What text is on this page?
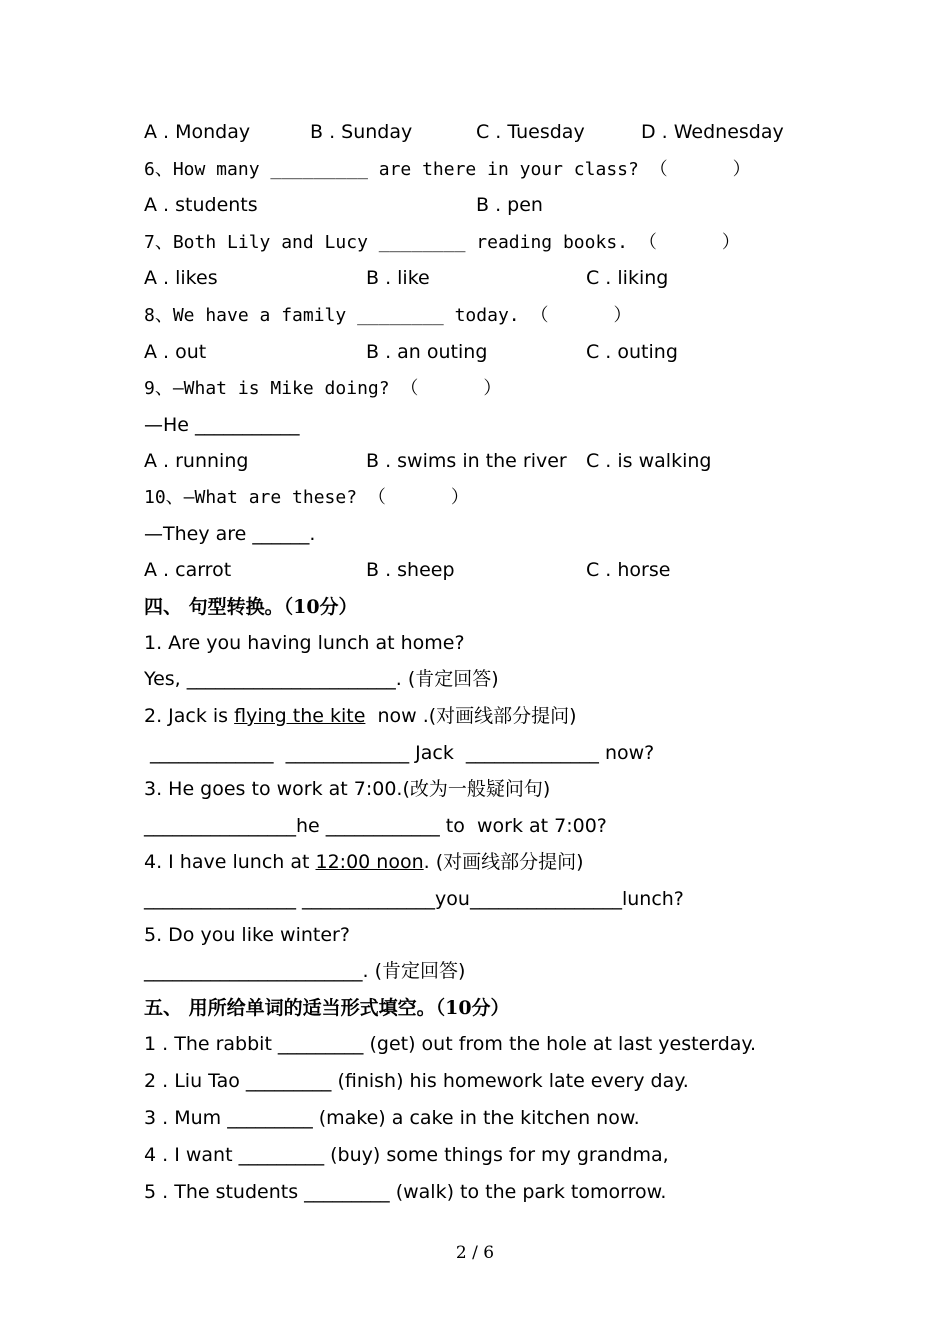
A . Monday	B . Sunday	C . Tuesday	D . Wednesday
6、How many _________ are there in your class? （      ）
A . students	B . pen
7、Both Lily and Lucy ________ reading books. （      ）
A . likes	B . like	C . liking
8、We have a family ________ today. （      ）
A . out	B . an outing	C . outing
9、—What is Mike doing? （      ）
—He ___________
A . running	B . swims in the river C . is walking
10、—What are these? （      ）
—They are ______.
A . carrot	B . sheep	C . horse
四、 句型转换。（10分）
1. Are you having lunch at home?
Yes, ______________________. (肯定回答)
2. Jack is flying the kite  now .(对画线部分提问)
_____________  _____________ Jack  ______________ now?
3. He goes to work at 7:00.(改为一般疑问句)
________________he ____________ to  work at 7:00?
4. I have lunch at 12:00 noon. (对画线部分提问)
________________ ______________you________________lunch?
5. Do you like winter?
_______________________. (肯定回答)
五、 用所给单词的适当形式填空。（10分）
1 . The rabbit _________ (get) out from the hole at last yesterday.
2 . Liu Tao _________ (finish) his homework late every day.
3 . Mum _________ (make) a cake in the kitchen now.
4 . I want _________ (buy) some things for my grandma,
5 . The students _________ (walk) to the park tomorrow.
2 / 6
